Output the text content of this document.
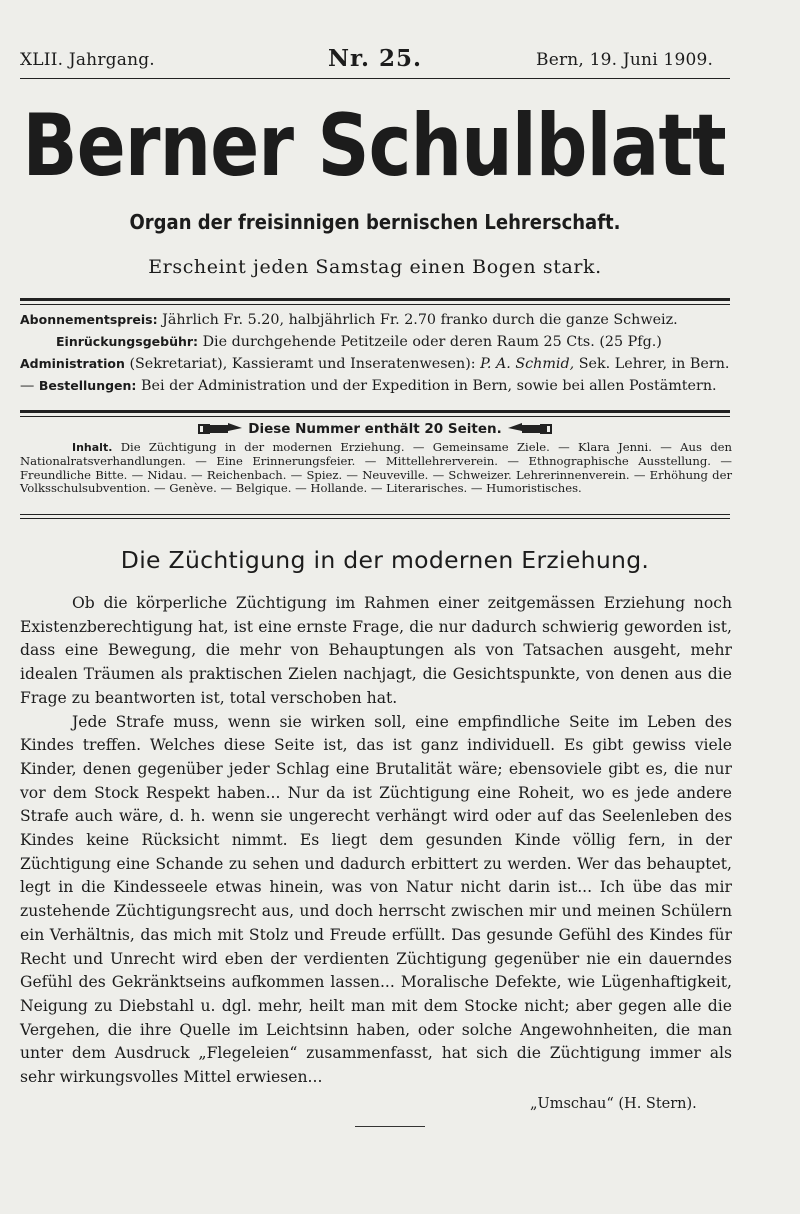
XLII. Jahrgang.	Nr. 25.	Bern, 19. Juni 1909.
Berner Schulblatt
Organ der freisinnigen bernischen Lehrerschaft.
Erscheint jeden Samstag einen Bogen stark.
Abonnementspreis: Jährlich Fr. 5.20, halbjährlich Fr. 2.70 franko durch die ganze Schweiz.
Einrückungsgebühr: Die durchgehende Petitzeile oder deren Raum 25 Cts. (25 Pfg.)
Administration (Sekretariat), Kassieramt und Inseratenwesen): P. A. Schmid, Sek. Lehrer, in Bern. — Bestellungen: Bei der Administration und der Expedition in Bern, sowie bei allen Postämtern.
Diese Nummer enthält 20 Seiten.
Inhalt. Die Züchtigung in der modernen Erziehung. — Gemeinsame Ziele. — Klara Jenni. — Aus den Nationalratsverhandlungen. — Eine Erinnerungsfeier. — Mittellehrerverein. — Ethnographische Ausstellung. — Freundliche Bitte. — Nidau. — Reichenbach. — Spiez. — Neuveville. — Schweizer. Lehrerinnenverein. — Erhöhung der Volksschulsubvention. — Genève. — Belgique. — Hollande. — Literarisches. — Humoristisches.
Die Züchtigung in der modernen Erziehung.

Ob die körperliche Züchtigung im Rahmen einer zeitgemässen Erziehung noch Existenzberechtigung hat, ist eine ernste Frage, die nur dadurch schwierig geworden ist, dass eine Bewegung, die mehr von Behauptungen als von Tatsachen ausgeht, mehr idealen Träumen als praktischen Zielen nachjagt, die Gesichtspunkte, von denen aus die Frage zu beantworten ist, total verschoben hat.

Jede Strafe muss, wenn sie wirken soll, eine empfindliche Seite im Leben des Kindes treffen. Welches diese Seite ist, das ist ganz individuell. Es gibt gewiss viele Kinder, denen gegenüber jeder Schlag eine Brutalität wäre; ebensoviele gibt es, die nur vor dem Stock Respekt haben... Nur da ist Züchtigung eine Roheit, wo es jede andere Strafe auch wäre, d. h. wenn sie ungerecht verhängt wird oder auf das Seelenleben des Kindes keine Rücksicht nimmt. Es liegt dem gesunden Kinde völlig fern, in der Züchtigung eine Schande zu sehen und dadurch erbittert zu werden. Wer das behauptet, legt in die Kindesseele etwas hinein, was von Natur nicht darin ist... Ich übe das mir zustehende Züchtigungsrecht aus, und doch herrscht zwischen mir und meinen Schülern ein Verhältnis, das mich mit Stolz und Freude erfüllt. Das gesunde Gefühl des Kindes für Recht und Unrecht wird eben der verdienten Züchtigung gegenüber nie ein dauerndes Gefühl des Gekränktseins aufkommen lassen... Moralische Defekte, wie Lügenhaftigkeit, Neigung zu Diebstahl u. dgl. mehr, heilt man mit dem Stocke nicht; aber gegen alle die Vergehen, die ihre Quelle im Leichtsinn haben, oder solche Angewohnheiten, die man unter dem Ausdruck „Flegeleien“ zusammenfasst, hat sich die Züchtigung immer als sehr wirkungsvolles Mittel erwiesen...

„Umschau“ (H. Stern).
